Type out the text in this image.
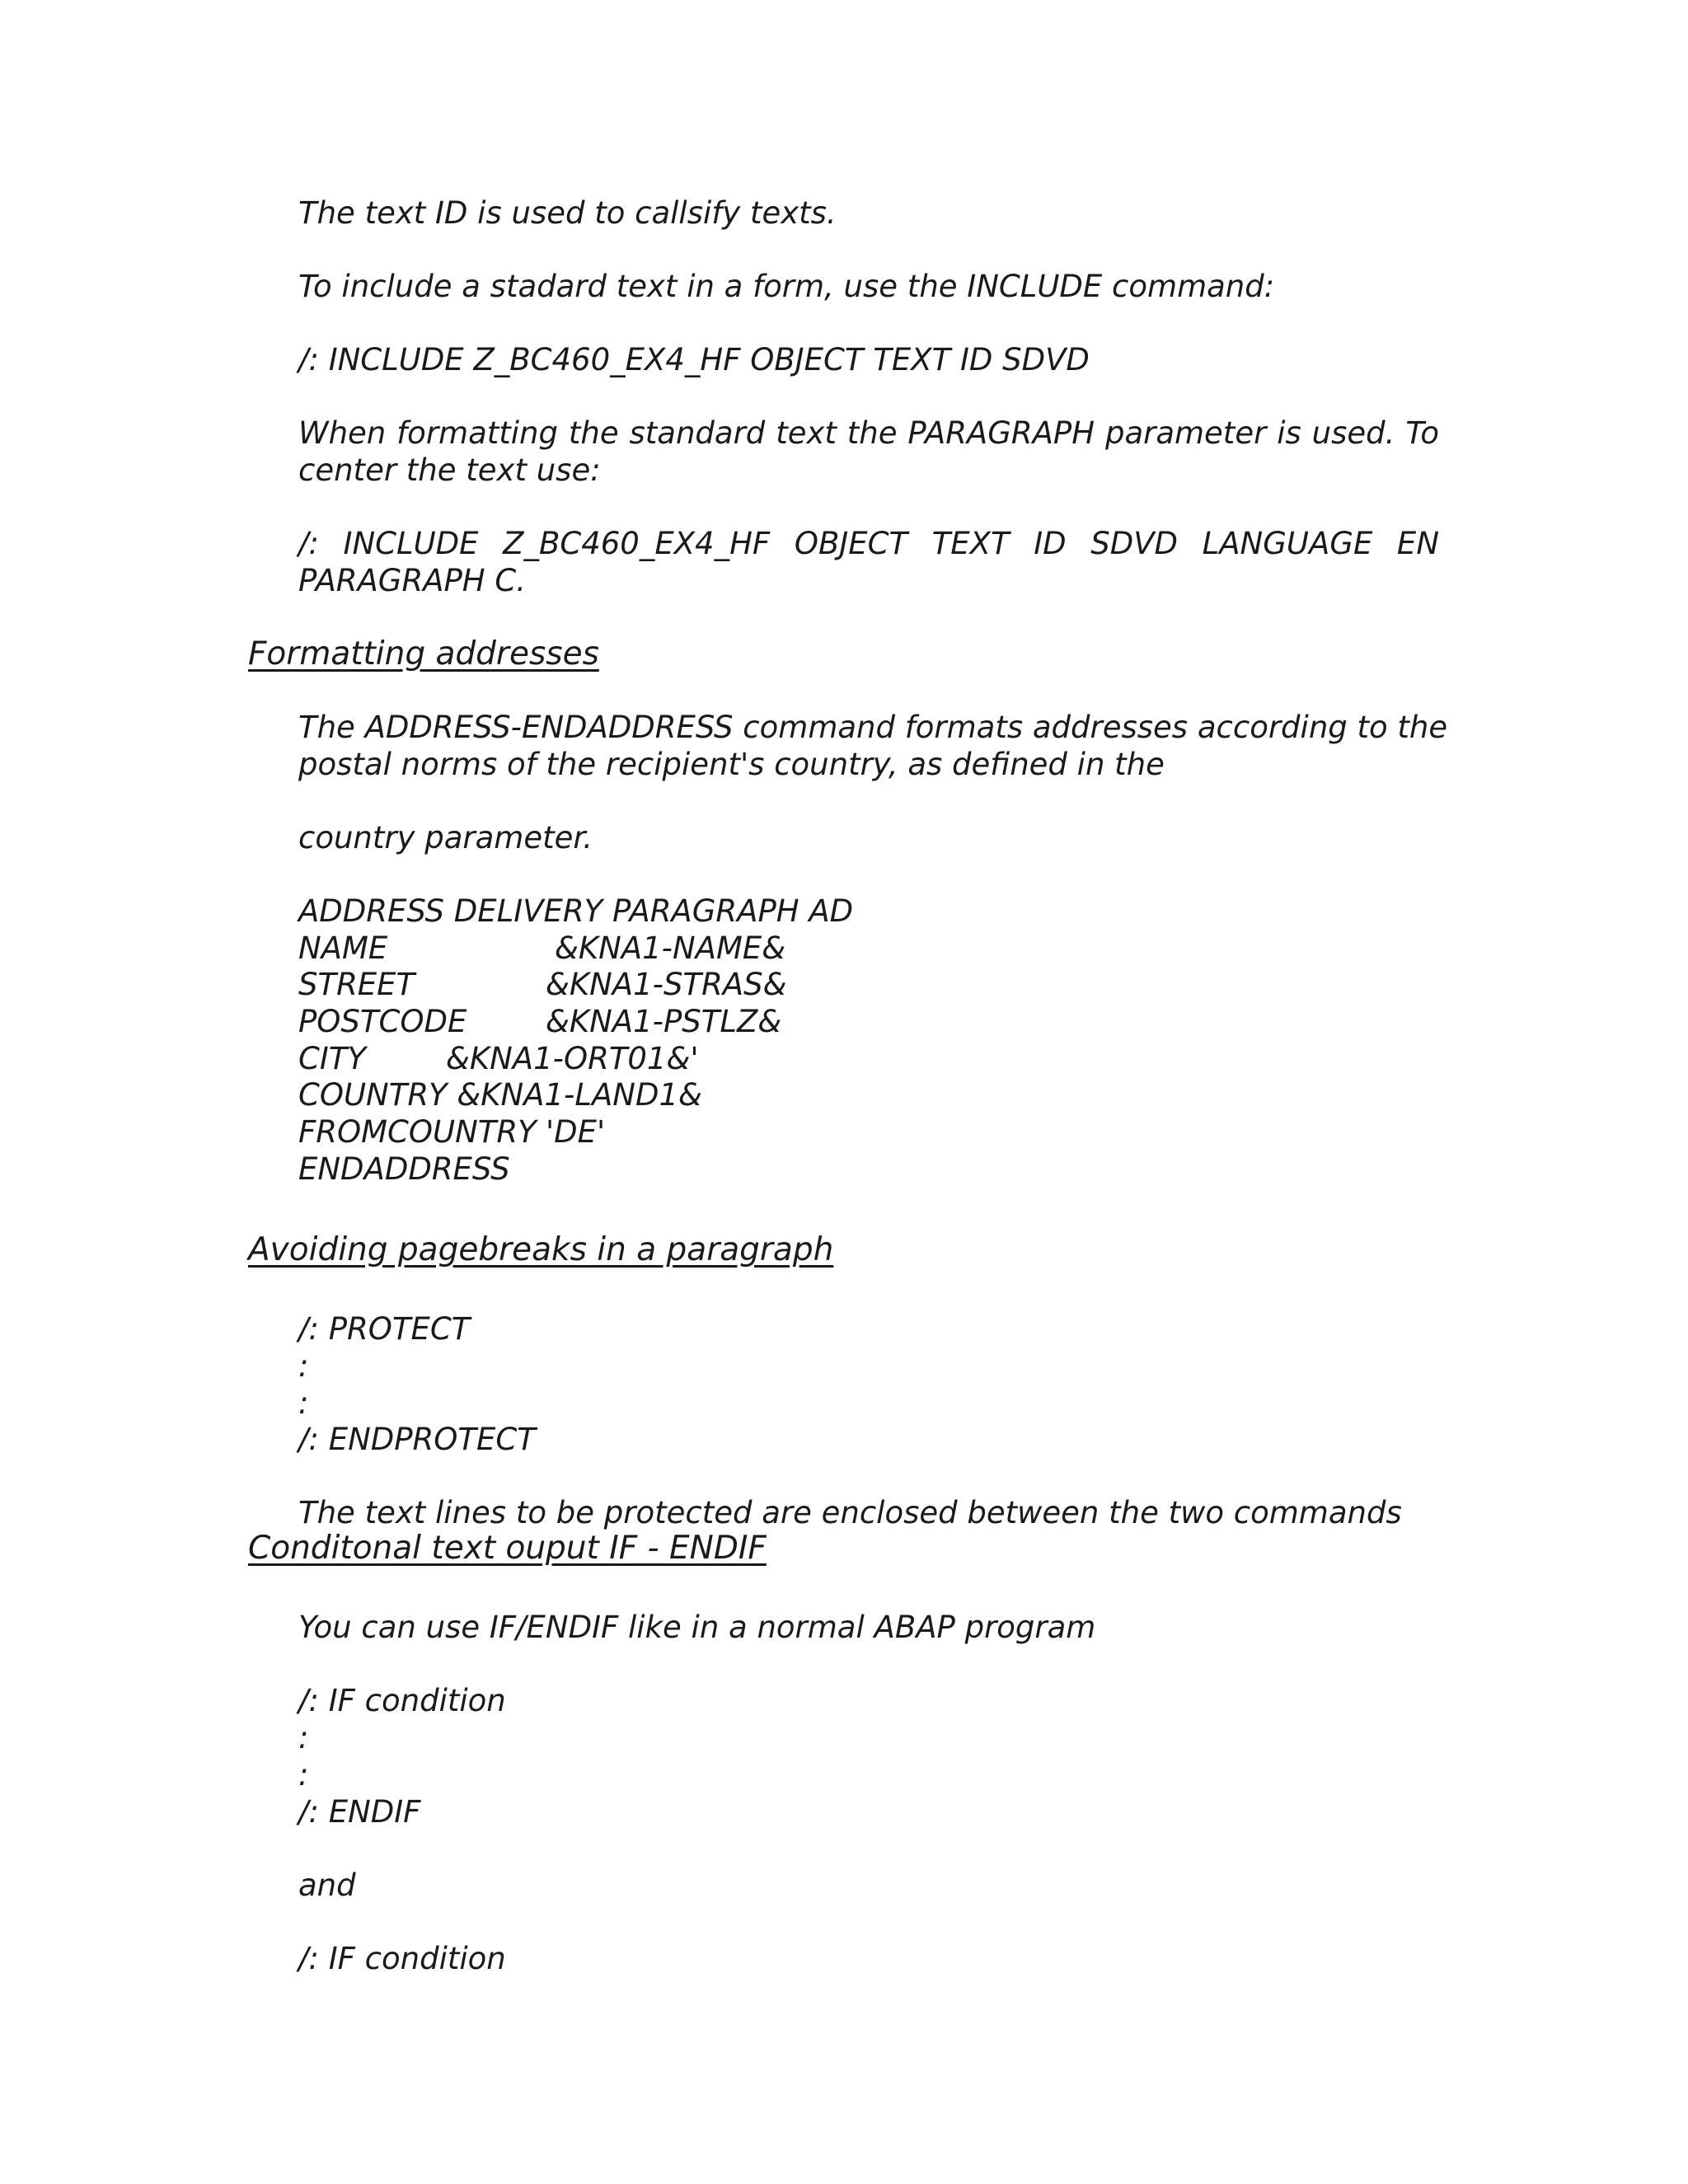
The text ID is used to callsify texts.
To include a stadard text in a form, use the INCLUDE command:
/: INCLUDE Z_BC460_EX4_HF OBJECT TEXT ID SDVD
When formatting the standard text the PARAGRAPH parameter is used. To
center the text use:
/: INCLUDE Z_BC460_EX4_HF OBJECT TEXT ID SDVD LANGUAGE EN
PARAGRAPH C.
Formatting addresses
The ADDRESS-ENDADDRESS command formats addresses according to the
postal norms of the recipient's country, as defined in the
country parameter.
ADDRESS DELIVERY PARAGRAPH AD
NAME	&KNA1-NAME&
STREET	&KNA1-STRAS&
POSTCODE	&KNA1-PSTLZ&
CITY	&KNA1-ORT01&'
COUNTRY &KNA1-LAND1&
FROMCOUNTRY 'DE'
ENDADDRESS
Avoiding pagebreaks in a paragraph
/: PROTECT
:
:
/: ENDPROTECT
The text lines to be protected are enclosed between the two commands
Conditonal text ouput IF - ENDIF
You can use IF/ENDIF like in a normal ABAP program
/: IF condition
:
:
/: ENDIF
and
/: IF condition
